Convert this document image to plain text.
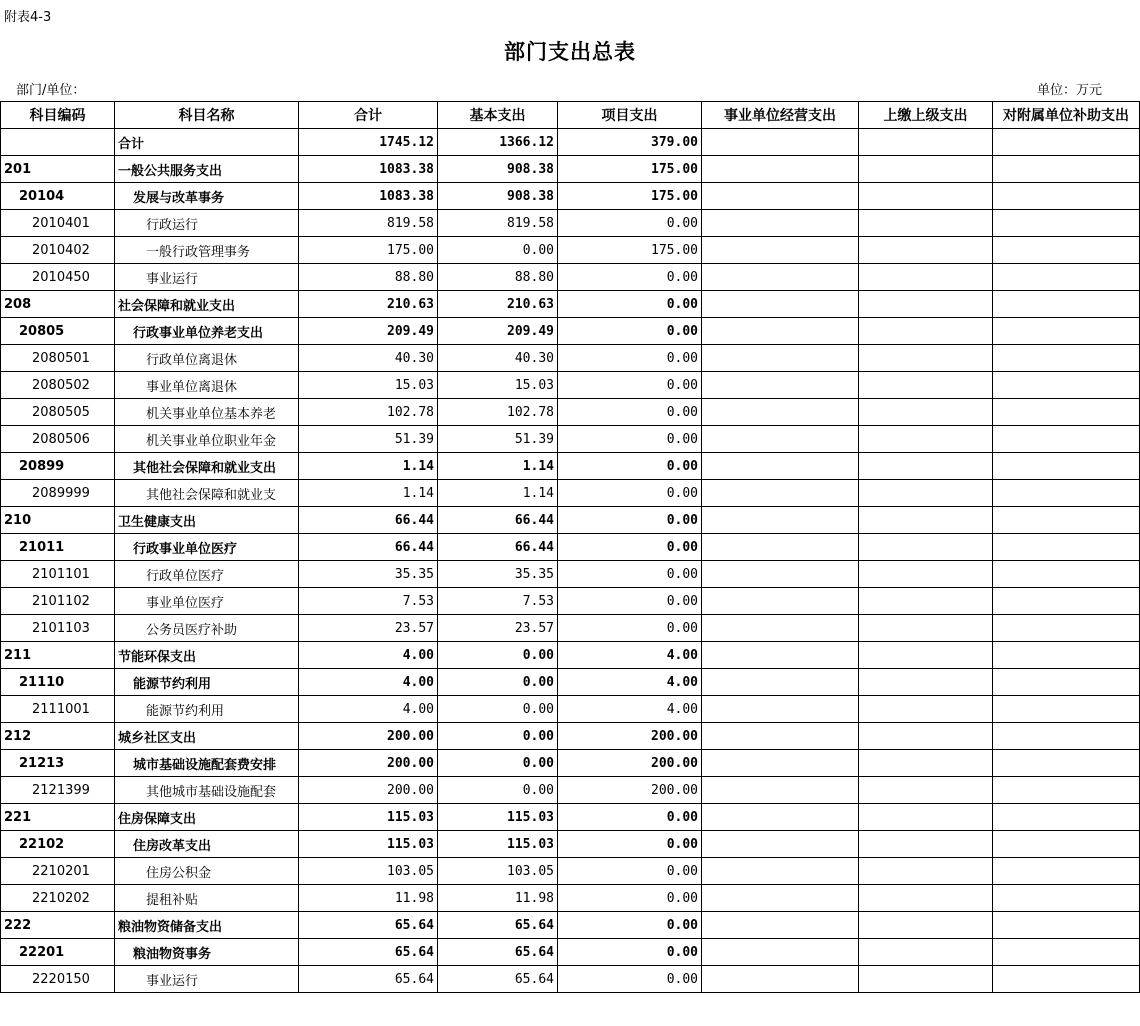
附表4-3
部门支出总表
部门/单位：	单位：万元
科目编码	科目名称	合计	基本支出	项目支出	事业单位经营支出	上缴上级支出	对附属单位补助支出
	合计	1745.12	1366.12	379.00			
201	一般公共服务支出	1083.38	908.38	175.00			
20104	发展与改革事务	1083.38	908.38	175.00			
2010401	行政运行	819.58	819.58	0.00			
2010402	一般行政管理事务	175.00	0.00	175.00			
2010450	事业运行	88.80	88.80	0.00			
208	社会保障和就业支出	210.63	210.63	0.00			
20805	行政事业单位养老支出	209.49	209.49	0.00			
2080501	行政单位离退休	40.30	40.30	0.00			
2080502	事业单位离退休	15.03	15.03	0.00			
2080505	机关事业单位基本养老	102.78	102.78	0.00			
2080506	机关事业单位职业年金	51.39	51.39	0.00			
20899	其他社会保障和就业支出	1.14	1.14	0.00			
2089999	其他社会保障和就业支	1.14	1.14	0.00			
210	卫生健康支出	66.44	66.44	0.00			
21011	行政事业单位医疗	66.44	66.44	0.00			
2101101	行政单位医疗	35.35	35.35	0.00			
2101102	事业单位医疗	7.53	7.53	0.00			
2101103	公务员医疗补助	23.57	23.57	0.00			
211	节能环保支出	4.00	0.00	4.00			
21110	能源节约利用	4.00	0.00	4.00			
2111001	能源节约利用	4.00	0.00	4.00			
212	城乡社区支出	200.00	0.00	200.00			
21213	城市基础设施配套费安排	200.00	0.00	200.00			
2121399	其他城市基础设施配套	200.00	0.00	200.00			
221	住房保障支出	115.03	115.03	0.00			
22102	住房改革支出	115.03	115.03	0.00			
2210201	住房公积金	103.05	103.05	0.00			
2210202	提租补贴	11.98	11.98	0.00			
222	粮油物资储备支出	65.64	65.64	0.00			
22201	粮油物资事务	65.64	65.64	0.00			
2220150	事业运行	65.64	65.64	0.00			
